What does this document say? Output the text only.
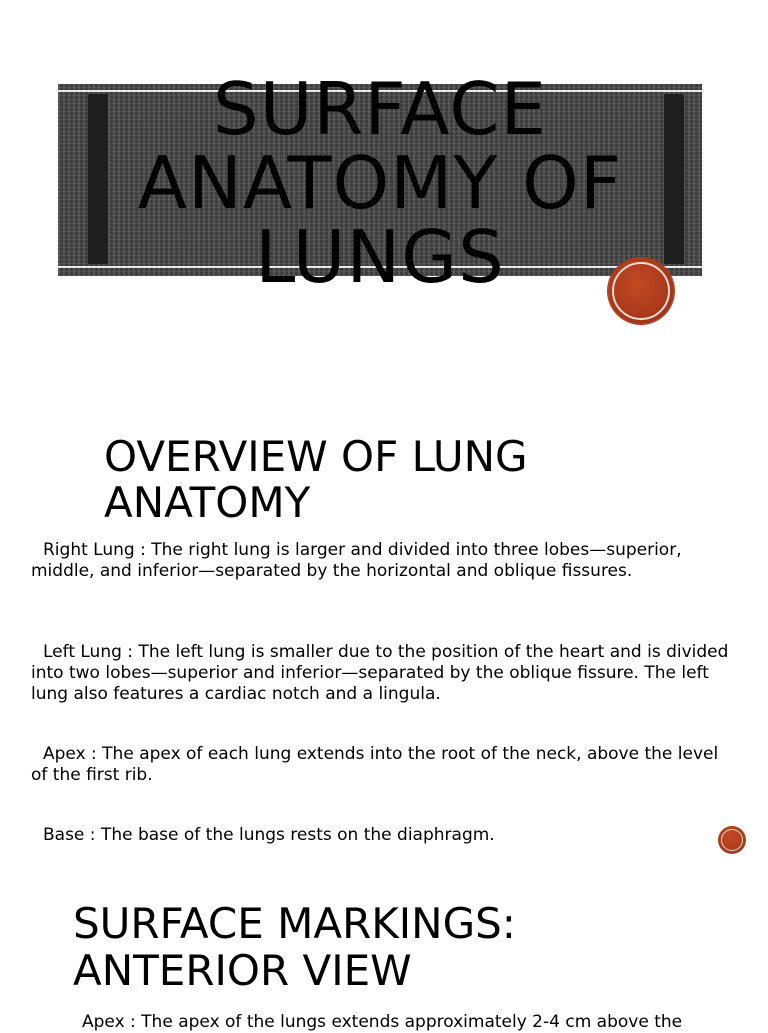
SURFACE
ANATOMY OF
LUNGS
OVERVIEW OF LUNG
ANATOMY

Right Lung : The right lung is larger and divided into three lobes—superior, middle, and inferior—separated by the horizontal and oblique fissures.

Left Lung : The left lung is smaller due to the position of the heart and is divided into two lobes—superior and inferior—separated by the oblique fissure. The left lung also features a cardiac notch and a lingula.

Apex : The apex of each lung extends into the root of the neck, above the level of the first rib.

Base : The base of the lungs rests on the diaphragm.

SURFACE MARKINGS:
ANTERIOR VIEW

Apex : The apex of the lungs extends approximately 2-4 cm above the
